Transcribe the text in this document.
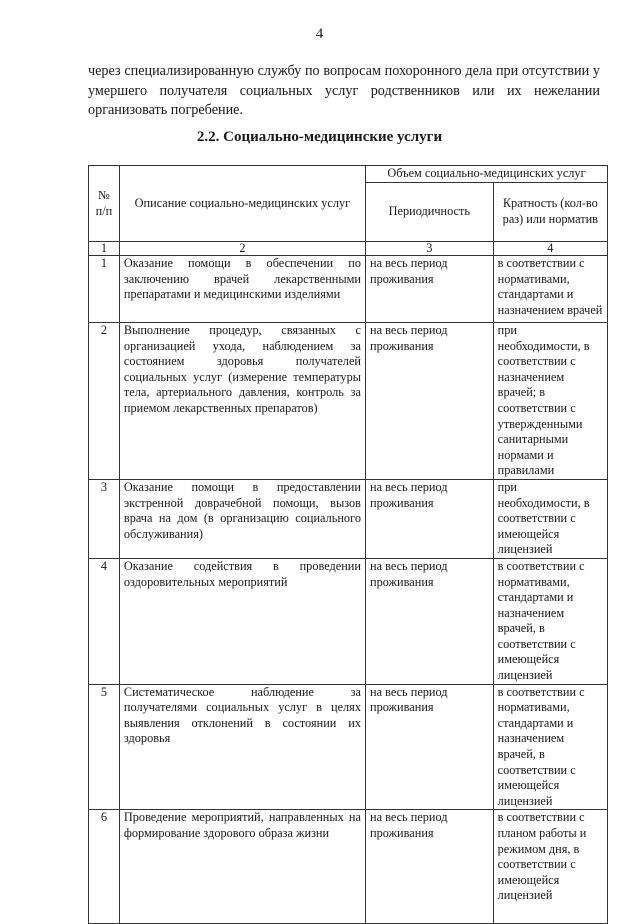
4
через специализированную службу по вопросам похоронного дела при отсутствии у умершего получателя социальных услуг родственников или их нежелании организовать погребение.
2.2. Социально-медицинские услуги
№ п/п	Описание социально-медицинских услуг	Объем социально-медицинских услуг	
		Периодичность	Кратность (кол-во раз) или норматив
1	2	3	4
1	Оказание помощи в обеспечении по заключению врачей лекарственными препаратами и медицинскими изделиями	на весь период проживания	в соответствии с нормативами, стандартами и назначением врачей
2	Выполнение процедур, связанных с организацией ухода, наблюдением за состоянием здоровья получателей социальных услуг (измерение температуры тела, артериального давления, контроль за приемом лекарственных препаратов)	на весь период проживания	при необходимости, в соответствии с назначением врачей; в соответствии с утвержденными санитарными нормами и правилами
3	Оказание помощи в предоставлении экстренной доврачебной помощи, вызов врача на дом (в организацию социального обслуживания)	на весь период проживания	при необходимости, в соответствии с имеющейся лицензией
4	Оказание содействия в проведении оздоровительных мероприятий	на весь период проживания	в соответствии с нормативами, стандартами и назначением врачей, в соответствии с имеющейся лицензией
5	Систематическое наблюдение за получателями социальных услуг в целях выявления отклонений в состоянии их здоровья	на весь период проживания	в соответствии с нормативами, стандартами и назначением врачей, в соответствии с имеющейся лицензией
6	Проведение мероприятий, направленных на формирование здорового образа жизни	на весь период проживания	в соответствии с планом работы и режимом дня, в соответствии с имеющейся лицензией
